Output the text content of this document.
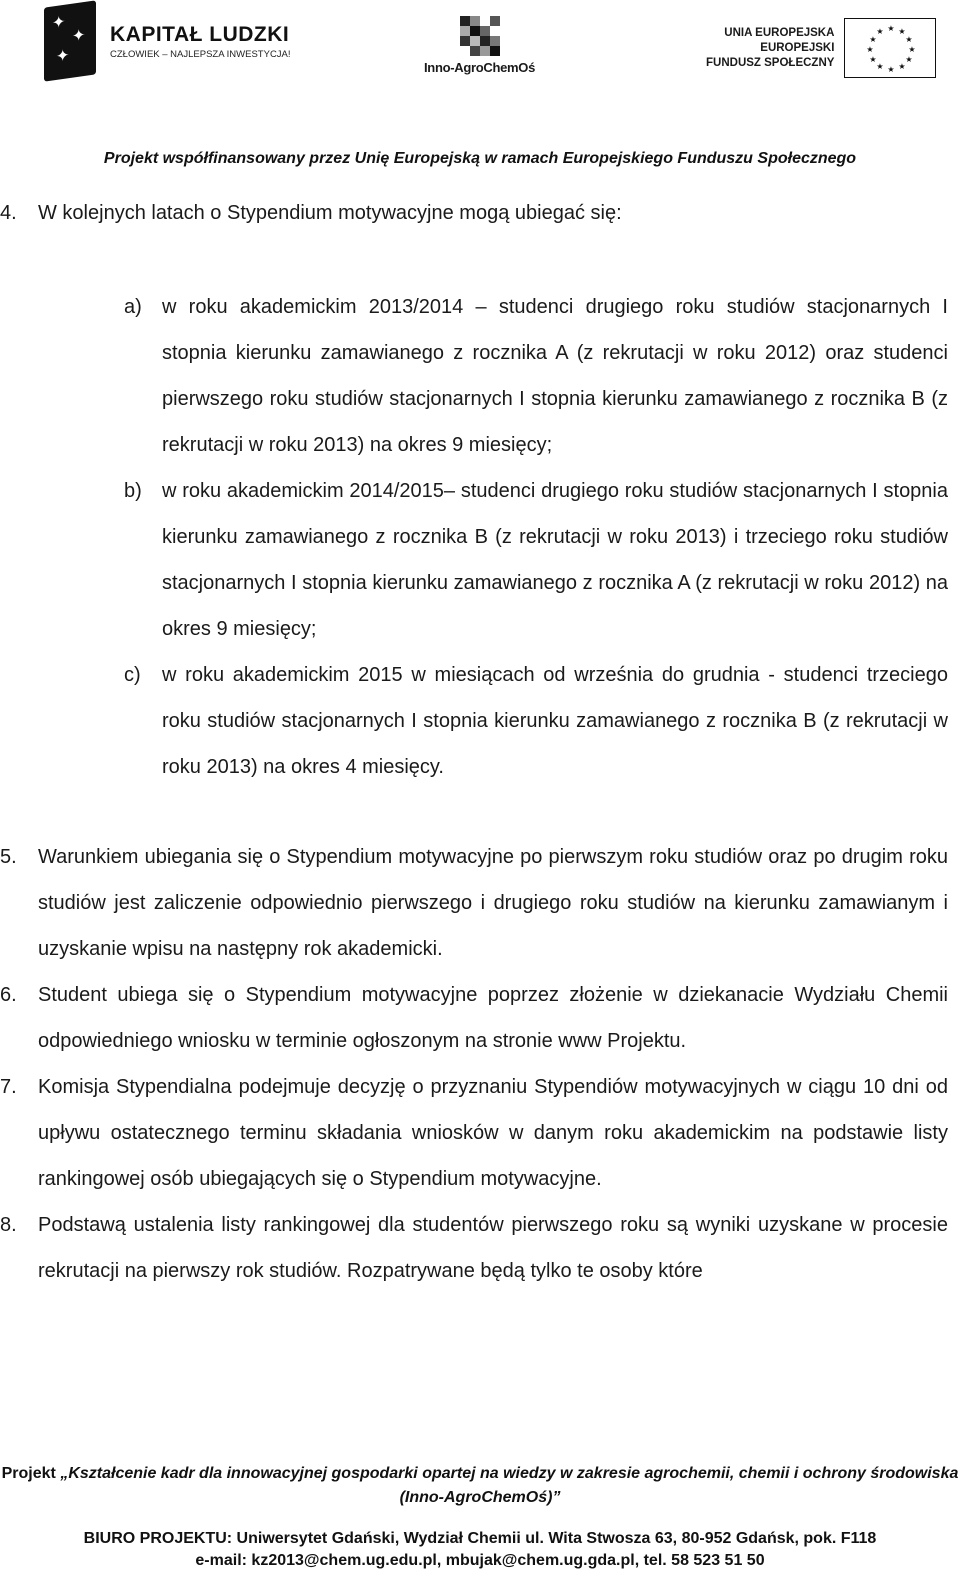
✦
✦
✦
KAPITAŁ LUDZKI
CZŁOWIEK – NAJLEPSZA INWESTYCJA!
Inno-AgroChemOś
UNIA EUROPEJSKA
EUROPEJSKI
FUNDUSZ SPOŁECZNY
★ ★
★
★
★
★
★
★
★
★
★
★
Projekt współfinansowany przez Unię Europejską w ramach Europejskiego Funduszu Społecznego
4. W kolejnych latach o Stypendium motywacyjne mogą ubiegać się:
a) w roku akademickim 2013/2014 – studenci drugiego roku studiów stacjonarnych I stopnia kierunku zamawianego z rocznika A (z rekrutacji w roku 2012) oraz studenci pierwszego roku studiów stacjonarnych I stopnia kierunku zamawianego z rocznika B (z rekrutacji w roku 2013) na okres 9 miesięcy;
b) w roku akademickim 2014/2015– studenci drugiego roku studiów stacjonarnych I stopnia kierunku zamawianego z rocznika B (z rekrutacji w roku 2013) i trzeciego roku studiów stacjonarnych I stopnia kierunku zamawianego z rocznika A (z rekrutacji w roku 2012) na okres 9 miesięcy;
c) w roku akademickim 2015 w miesiącach od września do grudnia - studenci trzeciego roku studiów stacjonarnych I stopnia kierunku zamawianego z rocznika B (z rekrutacji w roku 2013) na okres 4 miesięcy.
5. Warunkiem ubiegania się o Stypendium motywacyjne po pierwszym roku studiów oraz po drugim roku studiów jest zaliczenie odpowiednio pierwszego i drugiego roku studiów na kierunku zamawianym i uzyskanie wpisu na następny rok akademicki.
6. Student ubiega się o Stypendium motywacyjne poprzez złożenie w dziekanacie Wydziału Chemii odpowiedniego wniosku w terminie ogłoszonym na stronie www Projektu.
7. Komisja Stypendialna podejmuje decyzję o przyznaniu Stypendiów motywacyjnych w ciągu 10 dni od upływu ostatecznego terminu składania wniosków w danym roku akademickim na podstawie listy rankingowej osób ubiegających się o Stypendium motywacyjne.
8. Podstawą ustalenia listy rankingowej dla studentów pierwszego roku są wyniki uzyskane w procesie rekrutacji na pierwszy rok studiów. Rozpatrywane będą tylko te osoby które
Projekt „Kształcenie kadr dla innowacyjnej gospodarki opartej na wiedzy w zakresie agrochemii, chemii i ochrony środowiska (Inno-AgroChemOś)”
BIURO PROJEKTU: Uniwersytet Gdański, Wydział Chemii ul. Wita Stwosza 63, 80-952 Gdańsk, pok. F118
e-mail: kz2013@chem.ug.edu.pl, mbujak@chem.ug.gda.pl, tel. 58 523 51 50
